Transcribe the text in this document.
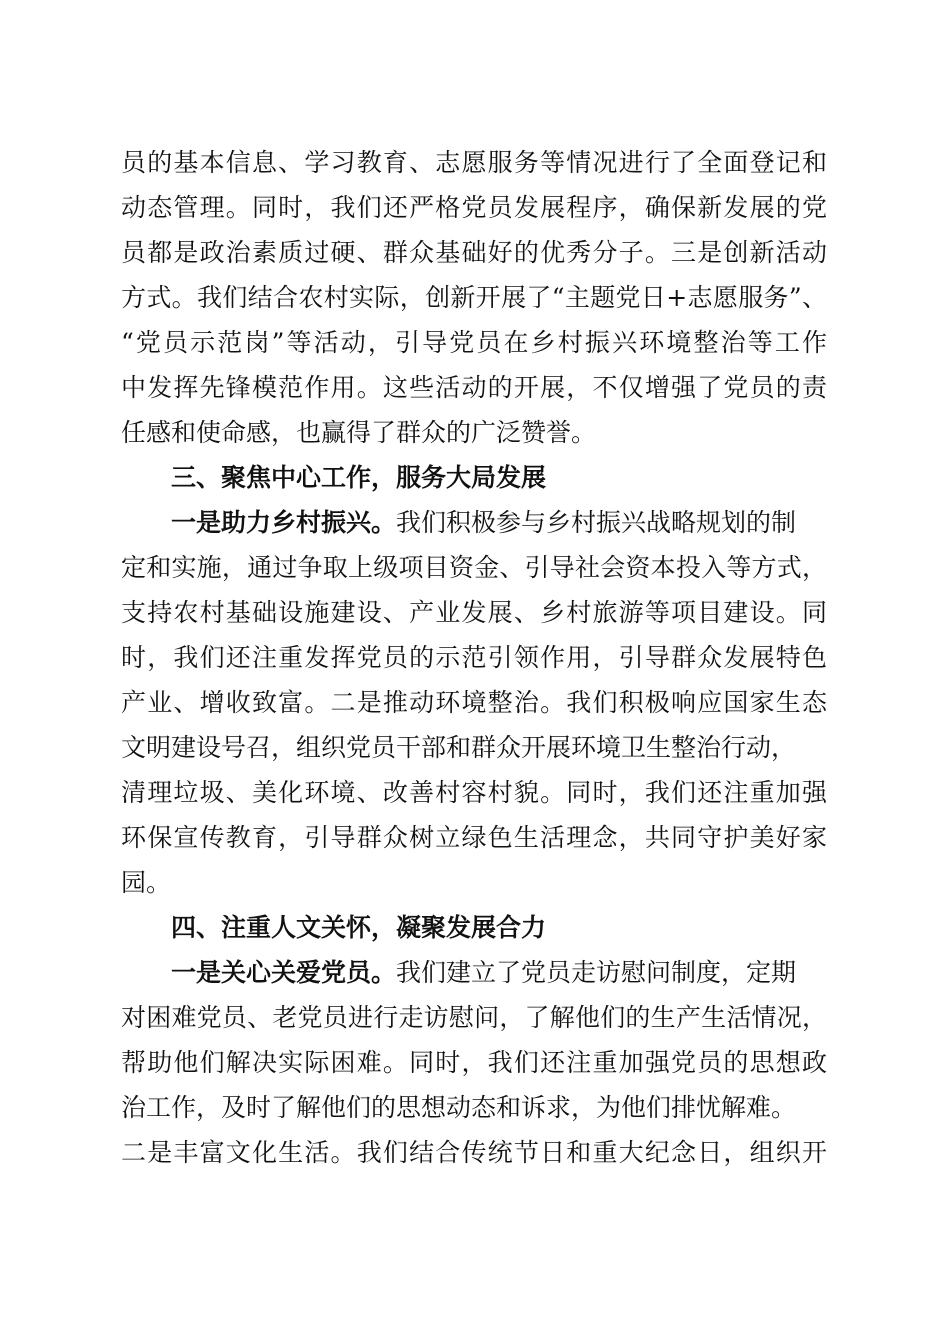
员的基本信息、学习教育、志愿服务等情况进行了全面登记和
动态管理。同时，我们还严格党员发展程序，确保新发展的党
员都是政治素质过硬、群众基础好的优秀分子。三是创新活动
方式。我们结合农村实际，创新开展了“主题党日+志愿服务”、
“党员示范岗”等活动，引导党员在乡村振兴环境整治等工作
中发挥先锋模范作用。这些活动的开展，不仅增强了党员的责
任感和使命感，也赢得了群众的广泛赞誉。
三、聚焦中心工作，服务大局发展
一是助力乡村振兴。我们积极参与乡村振兴战略规划的制
定和实施，通过争取上级项目资金、引导社会资本投入等方式，
支持农村基础设施建设、产业发展、乡村旅游等项目建设。同
时，我们还注重发挥党员的示范引领作用，引导群众发展特色
产业、增收致富。二是推动环境整治。我们积极响应国家生态
文明建设号召，组织党员干部和群众开展环境卫生整治行动，
清理垃圾、美化环境、改善村容村貌。同时，我们还注重加强
环保宣传教育，引导群众树立绿色生活理念，共同守护美好家
园。
四、注重人文关怀，凝聚发展合力
一是关心关爱党员。我们建立了党员走访慰问制度，定期
对困难党员、老党员进行走访慰问，了解他们的生产生活情况，
帮助他们解决实际困难。同时，我们还注重加强党员的思想政
治工作，及时了解他们的思想动态和诉求，为他们排忧解难。
二是丰富文化生活。我们结合传统节日和重大纪念日，组织开
